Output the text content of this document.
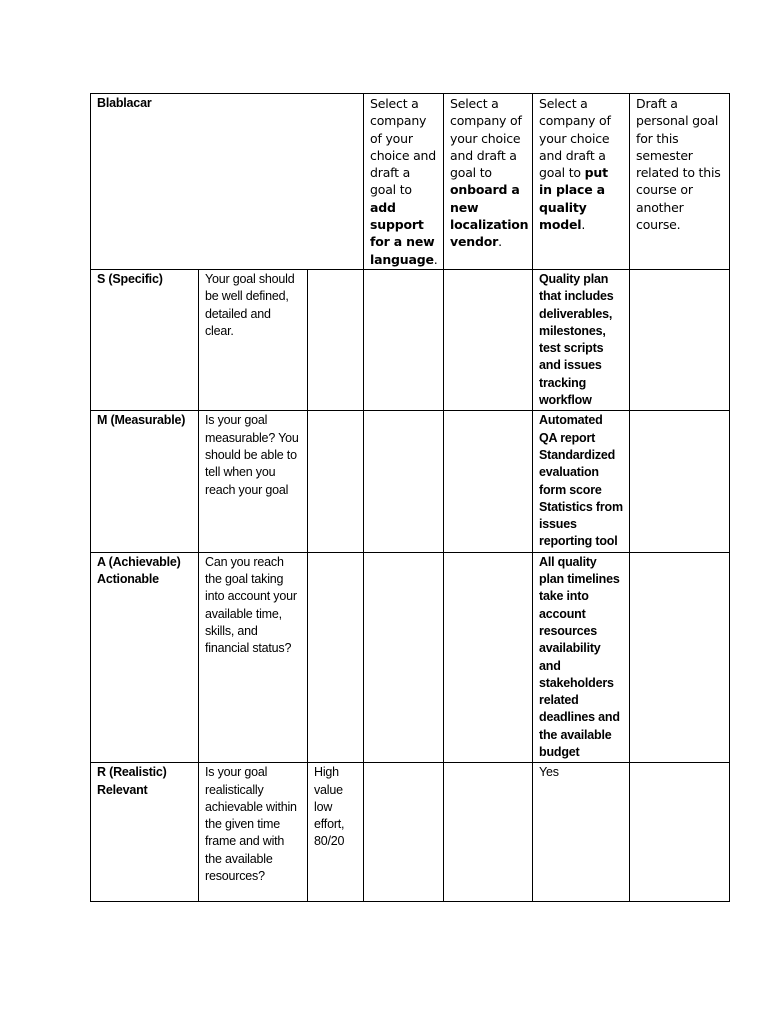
Blablacar			Select a company of your choice and draft a goal to add support for a new language.	Select a company of your choice and draft a goal to onboard a new localization vendor.	Select a company of your choice and draft a goal to put in place a quality model.	Draft a personal goal for this semester related to this course or another course.
S (Specific)	Your goal should be well defined, detailed and clear.				Quality plan that includes deliverables, milestones, test scripts and issues tracking workflow	
M (Measurable)	Is your goal measurable? You should be able to tell when you reach your goal				Automated QA report Standardized evaluation form score Statistics from issues reporting tool	
A (Achievable) Actionable	Can you reach the goal taking into account your available time, skills, and financial status?				All quality plan timelines take into account resources availability and stakeholders related deadlines and the available budget	
R (Realistic) Relevant	Is your goal realistically achievable within the given time frame and with the available resources?	High value low effort, 80/20			Yes	
